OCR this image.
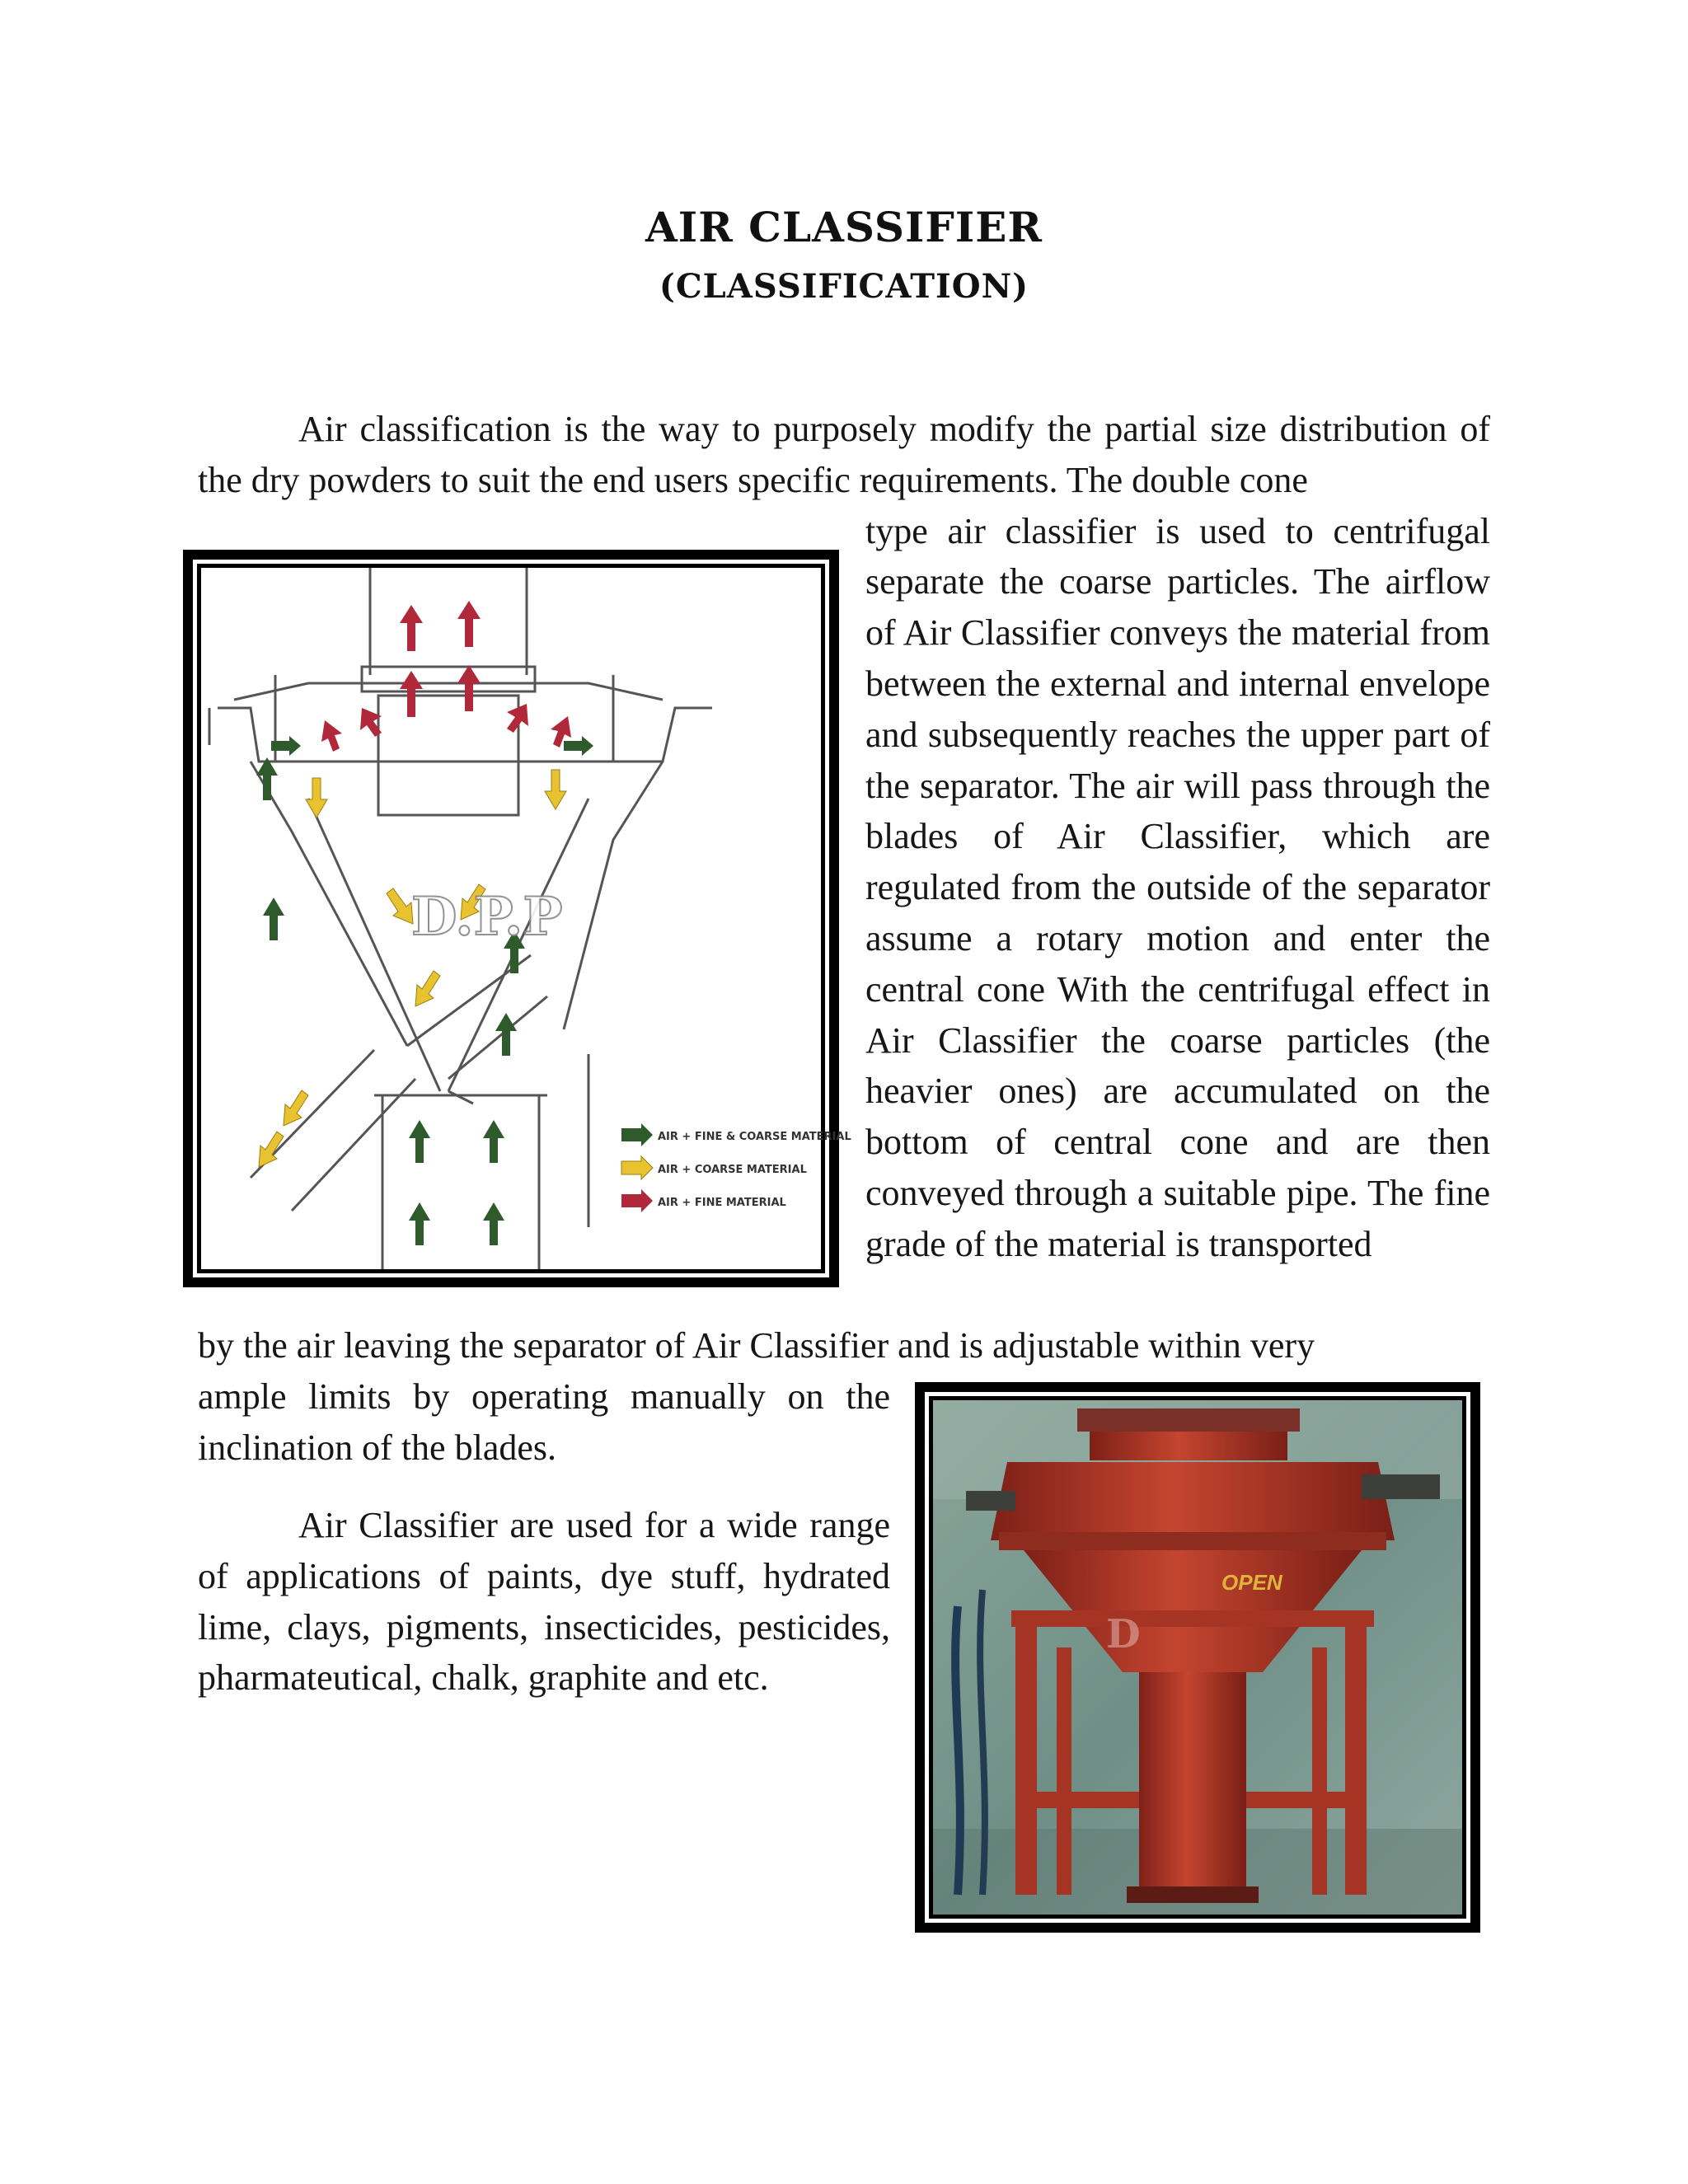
AIR CLASSIFIER
(CLASSIFICATION)

Air classification is the way to purposely modify the partial size distribution of the dry powders to suit the end users specific requirements. The double cone

type air classifier is used to centrifugal separate the coarse particles. The airflow of Air Classifier conveys the material from between the external and internal envelope and subsequently reaches the upper part of the separator. The air will pass through the blades of Air Classifier, which are regulated from the outside of the separator assume a rotary motion and enter the central cone With the centrifugal effect in Air Classifier the coarse particles (the heavier ones) are accumulated on the bottom of central cone and are then conveyed through a suitable pipe. The fine grade of the material is transported

by the air leaving the separator of Air Classifier and is adjustable within very

ample limits by operating manually on the inclination of the blades.

Air Classifier are used for a wide range of applications of paints, dye stuff, hydrated lime, clays, pigments, insecticides, pesticides, pharmateutical, chalk, graphite and etc.

D.P.P
AIR + FINE & COARSE MATERIAL
AIR + COARSE MATERIAL
AIR + FINE MATERIAL
OPEN
D
